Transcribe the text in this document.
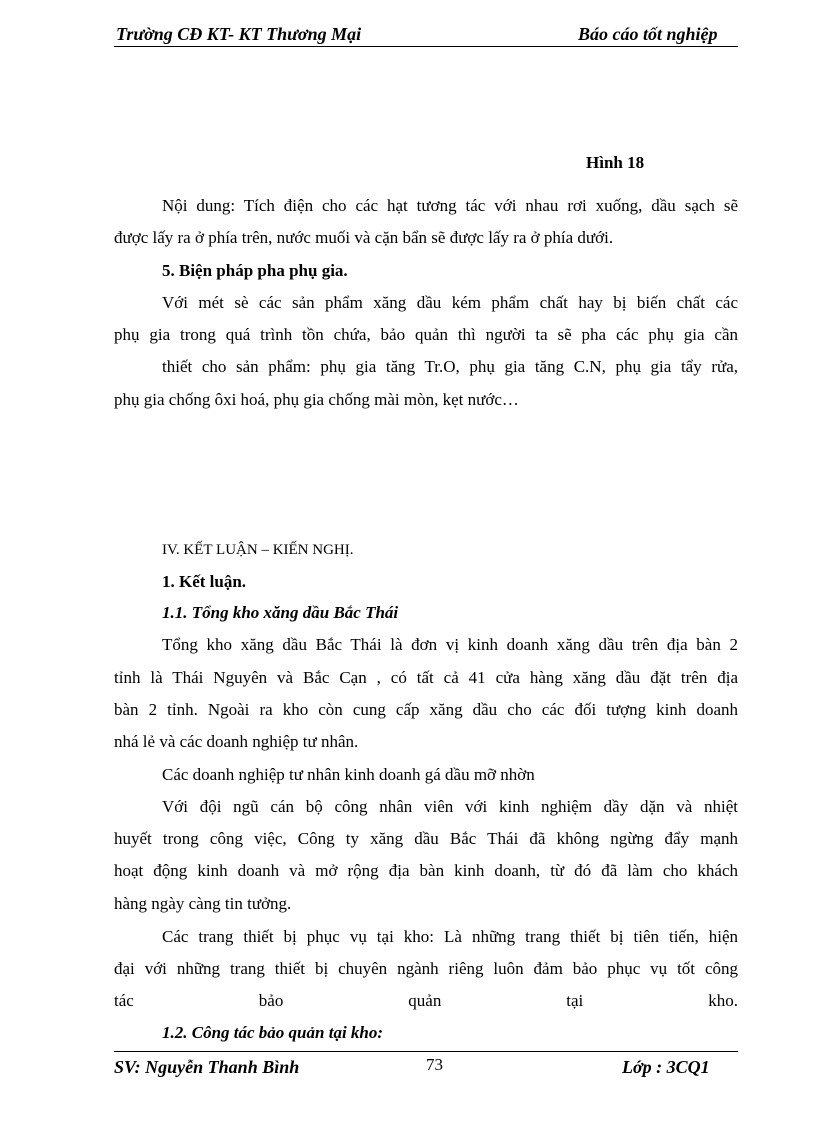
Trường CĐ KT- KT Thương Mại	Báo cáo tốt nghiệp
Hình 18
Nội dung: Tích điện cho các hạt tương tác với nhau rơi xuống, dầu sạch sẽ
được lấy ra ở phía trên, nước muối và cặn bẩn sẽ được lấy ra ở phía dưới.
5. Biện pháp pha phụ gia.
Với mét sè các sản phẩm xăng dầu kém phẩm chất hay bị biến chất các
phụ gia trong quá trình tồn chứa, bảo quản thì người ta sẽ pha các phụ gia cần
thiết cho sản phẩm: phụ gia tăng Tr.O, phụ gia tăng C.N, phụ gia tẩy rửa,
phụ gia chống ôxi hoá, phụ gia chống mài mòn, kẹt nước…
IV. KẾT LUẬN – KIẾN NGHỊ.
1. Kết luận.
1.1. Tổng kho xăng dầu Bắc Thái
Tổng kho xăng dầu Bắc Thái là đơn vị kinh doanh xăng dầu trên địa bàn 2
tỉnh là Thái Nguyên và Bắc Cạn , có tất cả 41 cửa hàng xăng dầu đặt trên địa
bàn 2 tỉnh. Ngoài ra kho còn cung cấp xăng dầu cho các đối tượng kinh doanh
nhá lẻ và các doanh nghiệp tư nhân.
Các doanh nghiệp tư nhân kinh doanh gá dầu mỡ nhờn
Với đội ngũ cán bộ công nhân viên với kinh nghiệm dầy dặn và nhiệt
huyết trong công việc, Công ty xăng dầu Bắc Thái đã không ngừng đẩy mạnh
hoạt động kinh doanh và mở rộng địa bàn kinh doanh, từ đó đã làm cho khách
hàng ngày càng tin tưởng.
Các trang thiết bị phục vụ tại kho: Là những trang thiết bị tiên tiến, hiện
đại với những trang thiết bị chuyên ngành riêng luôn đảm bảo phục vụ tốt công
tác	bảo	quản	tại	kho.
1.2. Công tác bảo quản tại kho:
SV: Nguyễn Thanh Bình	73	Lớp : 3CQ1
